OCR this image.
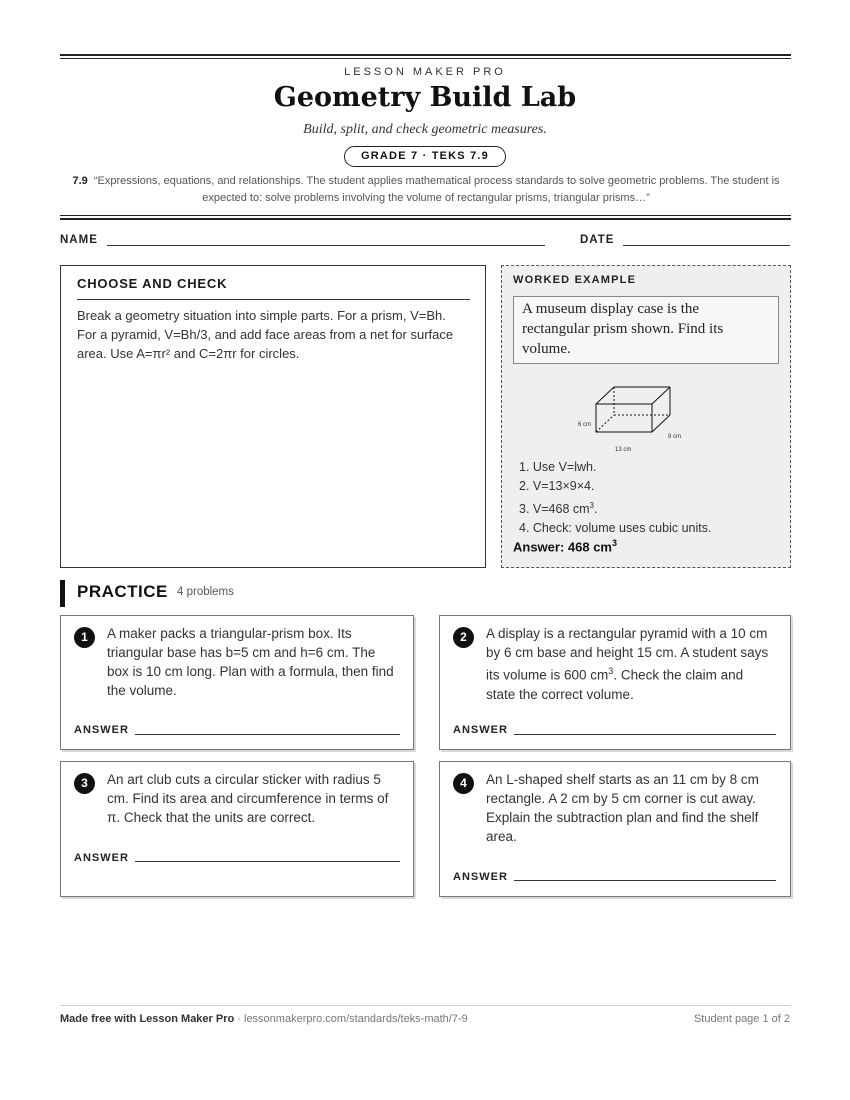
LESSON MAKER PRO
Geometry Build Lab
Build, split, and check geometric measures.
GRADE 7 · TEKS 7.9
7.9 “Expressions, equations, and relationships. The student applies mathematical process standards to solve geometric problems. The student is expected to: solve problems involving the volume of rectangular prisms, triangular prisms…”
NAME	DATE
CHOOSE AND CHECK
Break a geometry situation into simple parts. For a prism, V=Bh. For a pyramid, V=Bh/3, and add face areas from a net for surface area. Use A=πr² and C=2πr for circles.
WORKED EXAMPLE
A museum display case is the rectangular prism shown. Find its volume.
6 cm
9 cm
13 cm
1. Use V=lwh.
2. V=13×9×4.
3. V=468 $cm^3$.
4. Check: volume uses cubic units.
Answer: 468 $cm^3$
PRACTICE 4 problems
1	A maker packs a triangular-prism box. Its triangular base has b=5 cm and h=6 cm. The box is 10 cm long. Plan with a formula, then find the volume.
ANSWER
2	A display is a rectangular pyramid with a 10 cm by 6 cm base and height 15 cm. A student says its volume is 600 $cm^3$. Check the claim and state the correct volume.
ANSWER
3	An art club cuts a circular sticker with radius 5 cm. Find its area and circumference in terms of π. Check that the units are correct.
ANSWER
4	An L-shaped shelf starts as an 11 cm by 8 cm rectangle. A 2 cm by 5 cm corner is cut away. Explain the subtraction plan and find the shelf area.
ANSWER
Made free with Lesson Maker Pro · lessonmakerpro.com/standards/teks-math/7-9	Student page 1 of 2
